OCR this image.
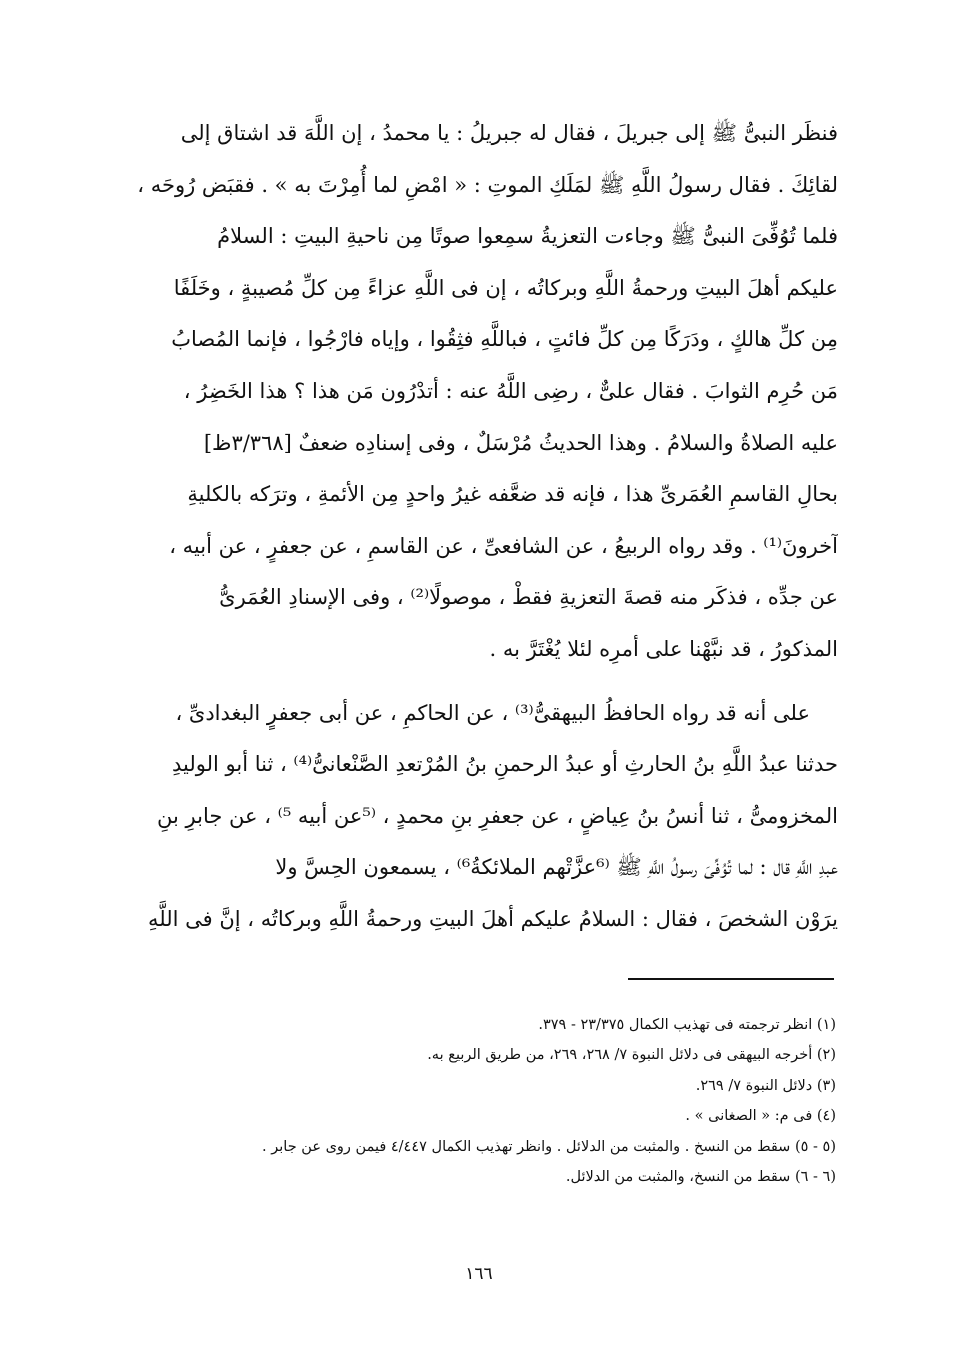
فنظَر النبىُّ ﷺ إلى جبريلَ ، فقال له جبريلُ : يا محمدُ ، إن اللَّهَ قد اشتاق إلى
لقائِكَ . فقال رسولُ اللَّهِ ﷺ لمَلَكِ الموتِ : « امْضِ لما أُمِرْتَ به » . فقبَض رُوحَه ،
فلما تُوُفِّىَ النبىُّ ﷺ وجاءت التعزيةُ سمِعوا صوتًا مِن ناحيةِ البيتِ : السلامُ
عليكم أهلَ البيتِ ورحمةُ اللَّهِ وبركاتُه ، إن فى اللَّهِ عزاءً مِن كلِّ مُصيبةٍ ، وخَلَفًا
مِن كلِّ هالكٍ ، ودَرَكًا مِن كلِّ فائتٍ ، فباللَّهِ فثِقُوا ، وإياه فارْجُوا ، فإنما المُصابُ
مَن حُرِم الثوابَ . فقال علىٌّ ، رضِى اللَّهُ عنه : أتدْرُون مَن هذا ؟ هذا الخَضِرُ ،
عليه الصلاةُ والسلامُ . وهذا الحديثُ مُرْسَلٌ ، وفى إسنادِه ضعفٌ [٣/٣٦٨ظ]
بحالِ القاسمِ العُمَرىِّ هذا ، فإنه قد ضعَّفه غيرُ واحدٍ مِن الأئمةِ ، وترَكه بالكليةِ
آخرونَ⁽¹⁾ . وقد رواه الربيعُ ، عن الشافعىِّ ، عن القاسمِ ، عن جعفرٍ ، عن أبيه ،
عن جدِّه ، فذكَر منه قصةَ التعزيةِ فقطْ ، موصولًا⁽²⁾ ، وفى الإسنادِ العُمَرىُّ
المذكورُ ، قد نبَّهْنا على أمرِه لئلا يُغْتَرَّ به .
على أنه قد رواه الحافظُ البيهقىُّ⁽³⁾ ، عن الحاكمِ ، عن أبى جعفرٍ البغدادىِّ ،
حدثنا عبدُ اللَّهِ بنُ الحارثِ أو عبدُ الرحمنِ بنُ المُرْتعدِ الصَّنْعانىُّ⁽⁴⁾ ، ثنا أبو الوليدِ
المخزومىُّ ، ثنا أنسُ بنُ عِياضٍ ، عن جعفرِ بنِ محمدٍ ، ⁽⁵عن أبيه ⁵⁾ ، عن جابرِ بنِ
عبدِ اللَّهِ قال : لما تُوُفِّىَ رسولُ اللَّهِ ﷺ ⁽⁶عزَّتْهم الملائكةُ⁶⁾ ، يسمعون الحِسَّ ولا
يرَوْن الشخصَ ، فقال : السلامُ عليكم أهلَ البيتِ ورحمةُ اللَّهِ وبركاتُه ، إنَّ فى اللَّهِ
(١) انظر ترجمته فى تهذيب الكمال ٢٣/٣٧٥ - ٣٧٩.
(٢) أخرجه البيهقى فى دلائل النبوة ٧/ ٢٦٨، ٢٦٩، من طريق الربيع به.
(٣) دلائل النبوة ٧/ ٢٦٩.
(٤) فى م: « الصغانى » .
(٥ - ٥) سقط من النسخ . والمثبت من الدلائل . وانظر تهذيب الكمال ٤/٤٤٧ فيمن روى عن جابر .
(٦ - ٦) سقط من النسخ، والمثبت من الدلائل.
١٦٦
